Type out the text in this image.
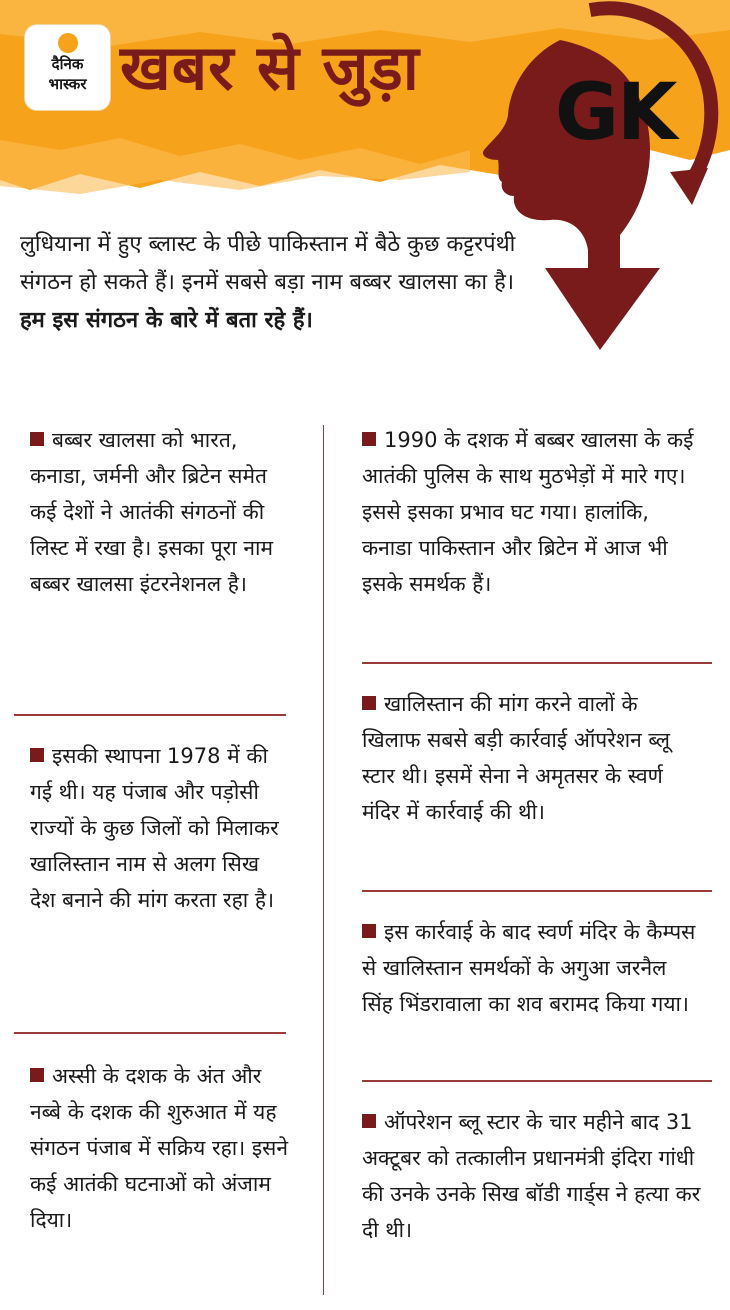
GK
दैनिक
भास्कर खबर से जुड़ा
लुधियाना में हुए ब्लास्ट के पीछे पाकिस्तान में बैठे कुछ कट्टरपंथी संगठन हो सकते हैं। इनमें सबसे बड़ा नाम बब्बर खालसा का है। हम इस संगठन के बारे में बता रहे हैं।
बब्बर खालसा को भारत, कनाडा, जर्मनी और ब्रिटेन समेत कई देशों ने आतंकी संगठनों की लिस्ट में रखा है। इसका पूरा नाम बब्बर खालसा इंटरनेशनल है।
इसकी स्थापना 1978 में की गई थी। यह पंजाब और पड़ोसी राज्यों के कुछ जिलों को मिलाकर खालिस्तान नाम से अलग सिख देश बनाने की मांग करता रहा है।
अस्सी के दशक के अंत और नब्बे के दशक की शुरुआत में यह संगठन पंजाब में सक्रिय रहा। इसने कई आतंकी घटनाओं को अंजाम दिया।
1990 के दशक में बब्बर खालसा के कई आतंकी पुलिस के साथ मुठभेड़ों में मारे गए। इससे इसका प्रभाव घट गया। हालांकि, कनाडा पाकिस्तान और ब्रिटेन में आज भी इसके समर्थक हैं।
खालिस्तान की मांग करने वालों के खिलाफ सबसे बड़ी कार्रवाई ऑपरेशन ब्लू स्टार थी। इसमें सेना ने अमृतसर के स्वर्ण मंदिर में कार्रवाई की थी।
इस कार्रवाई के बाद स्वर्ण मंदिर के कैम्पस से खालिस्तान समर्थकों के अगुआ जरनैल सिंह भिंडरावाला का शव बरामद किया गया।
ऑपरेशन ब्लू स्टार के चार महीने बाद 31 अक्टूबर को तत्कालीन प्रधानमंत्री इंदिरा गांधी की उनके उनके सिख बॉडी गार्ड्स ने हत्या कर दी थी।
